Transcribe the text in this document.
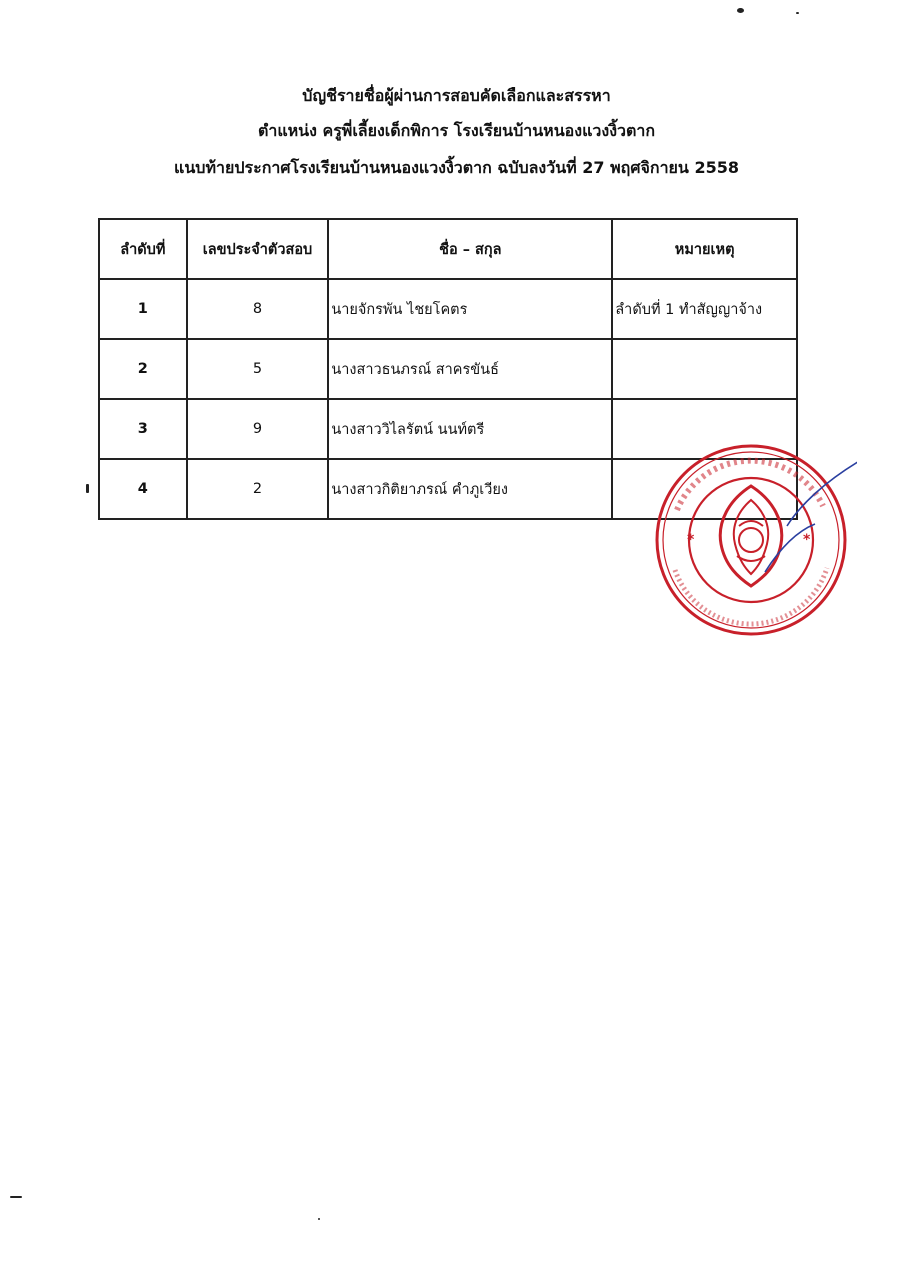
บัญชีรายชื่อผู้ผ่านการสอบคัดเลือกและสรรหา
ตำแหน่ง ครูพี่เลี้ยงเด็กพิการ โรงเรียนบ้านหนองแวงงิ้วตาก
แนบท้ายประกาศโรงเรียนบ้านหนองแวงงิ้วตาก ฉบับลงวันที่ 27 พฤศจิกายน 2558
ลำดับที่	เลขประจำตัวสอบ	ชื่อ – สกุล	หมายเหตุ
1	8	นายจักรพัน ไชยโคตร	ลำดับที่ 1 ทำสัญญาจ้าง
2	5	นางสาวธนภรณ์ สาครขันธ์	
3	9	นางสาววิไลรัตน์ นนท์ตรี	
4	2	นางสาวกิติยาภรณ์ คำภูเวียง	
*	*
